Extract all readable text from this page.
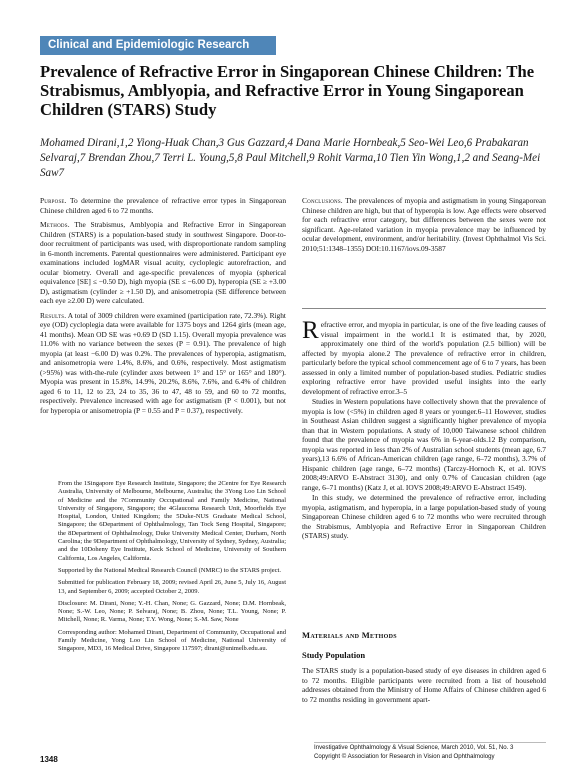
Clinical and Epidemiologic Research
Prevalence of Refractive Error in Singaporean Chinese Children: The Strabismus, Amblyopia, and Refractive Error in Young Singaporean Children (STARS) Study
Mohamed Dirani,1,2 Yiong-Huak Chan,3 Gus Gazzard,4 Dana Marie Hornbeak,5 Seo-Wei Leo,6 Prabakaran Selvaraj,7 Brendan Zhou,7 Terri L. Young,5,8 Paul Mitchell,9 Rohit Varma,10 Tien Yin Wong,1,2 and Seang-Mei Saw7

Purpose. To determine the prevalence of refractive error types in Singaporean Chinese children aged 6 to 72 months.

Methods. The Strabismus, Amblyopia and Refractive Error in Singaporean Children (STARS) is a population-based study in southwest Singapore. Door-to-door recruitment of participants was used, with disproportionate random sampling in 6-month increments. Parental questionnaires were administered. Participant eye examinations included logMAR visual acuity, cycloplegic autorefraction, and ocular biometry. Overall and age-specific prevalences of myopia (spherical equivalence [SE] ≤ −0.50 D), high myopia (SE ≤ −6.00 D), hyperopia (SE ≥ +3.00 D), astigmatism (cylinder ≥ +1.50 D), and anisometropia (SE difference between each eye ≥2.00 D) were calculated.

Results. A total of 3009 children were examined (participation rate, 72.3%). Right eye (OD) cycloplegia data were available for 1375 boys and 1264 girls (mean age, 41 months). Mean OD SE was +0.69 D (SD 1.15). Overall myopia prevalence was 11.0% with no variance between the sexes (P = 0.91). The prevalence of high myopia (at least −6.00 D) was 0.2%. The prevalences of hyperopia, astigmatism, and anisometropia were 1.4%, 8.6%, and 0.6%, respectively. Most astigmatism (>95%) was with-the-rule (cylinder axes between 1° and 15° or 165° and 180°). Myopia was present in 15.8%, 14.9%, 20.2%, 8.6%, 7.6%, and 6.4% of children aged 6 to 11, 12 to 23, 24 to 35, 36 to 47, 48 to 59, and 60 to 72 months, respectively. Prevalence increased with age for astigmatism (P < 0.001), but not for hyperopia or anisometropia (P = 0.55 and P = 0.37), respectively.

Conclusions. The prevalences of myopia and astigmatism in young Singaporean Chinese children are high, but that of hyperopia is low. Age effects were observed for each refractive error category, but differences between the sexes were not significant. Age-related variation in myopia prevalence may be influenced by ocular development, environment, and/or heritability. (Invest Ophthalmol Vis Sci. 2010;51:1348–1355) DOI:10.1167/iovs.09-3587

R efractive error, and myopia in particular, is one of the five leading causes of visual impairment in the world.1 It is estimated that, by 2020, approximately one third of the world's population (2.5 billion) will be affected by myopia alone.2 The prevalence of refractive error in children, particularly before the typical school commencement age of 6 to 7 years, has been assessed in only a limited number of population-based studies. Pediatric studies exploring refractive error have provided useful insights into the early development of refractive error.3–5

Studies in Western populations have collectively shown that the prevalence of myopia is low (<5%) in children aged 8 years or younger.6–11 However, studies in Southeast Asian children suggest a significantly higher prevalence of myopia than that in Western populations. A study of 10,000 Taiwanese school children found that the prevalence of myopia was 6% in 6-year-olds.12 By comparison, myopia was reported in less than 2% of Australian school students (mean age, 6.7 years),13 6.6% of African-American children (age range, 6–72 months), 3.7% of Hispanic children (age range, 6–72 months) (Tarczy-Hornoch K, et al. IOVS 2008;49:ARVO E-Abstract 3130), and only 0.7% of Caucasian children (age range, 6–71 months) (Katz J, et al. IOVS 2008;49:ARVO E-Abstract 1549).

In this study, we determined the prevalence of refractive error, including myopia, astigmatism, and hyperopia, in a large population-based study of young Singaporean Chinese children aged 6 to 72 months who were recruited through the Strabismus, Amblyopia and Refractive Error in Singaporean Children (STARS) study.

Materials and Methods
Study Population
The STARS study is a population-based study of eye diseases in children aged 6 to 72 months. Eligible participants were recruited from a list of household addresses obtained from the Ministry of Home Affairs of Chinese children aged 6 to 72 months residing in government apart-

From the 1Singapore Eye Research Institute, Singapore; the 2Centre for Eye Research Australia, University of Melbourne, Melbourne, Australia; the 3Yong Loo Lin School of Medicine and the 7Community Occupational and Family Medicine, National University of Singapore, Singapore; the 4Glaucoma Research Unit, Moorfields Eye Hospital, London, United Kingdom; the 5Duke-NUS Graduate Medical School, Singapore; the 6Department of Ophthalmology, Tan Tock Seng Hospital, Singapore; the 8Department of Ophthalmology, Duke University Medical Center, Durham, North Carolina; the 9Department of Ophthalmology, University of Sydney, Sydney, Australia; and the 10Doheny Eye Institute, Keck School of Medicine, University of Southern California, Los Angeles, California.

Supported by the National Medical Research Council (NMRC) to the STARS project.

Submitted for publication February 18, 2009; revised April 26, June 5, July 16, August 13, and September 6, 2009; accepted October 2, 2009.

Disclosure: M. Dirani, None; Y.-H. Chan, None; G. Gazzard, None; D.M. Hornbeak, None; S.-W. Leo, None; P. Selvaraj, None; B. Zhou, None; T.L. Young, None; P. Mitchell, None; R. Varma, None; T.Y. Wong, None; S.-M. Saw, None

Corresponding author: Mohamed Dirani, Department of Community, Occupational and Family Medicine, Yong Loo Lin School of Medicine, National University of Singapore, MD3, 16 Medical Drive, Singapore 117597; dirani@unimelb.edu.au.

1348
Investigative Ophthalmology & Visual Science, March 2010, Vol. 51, No. 3
Copyright © Association for Research in Vision and Ophthalmology
